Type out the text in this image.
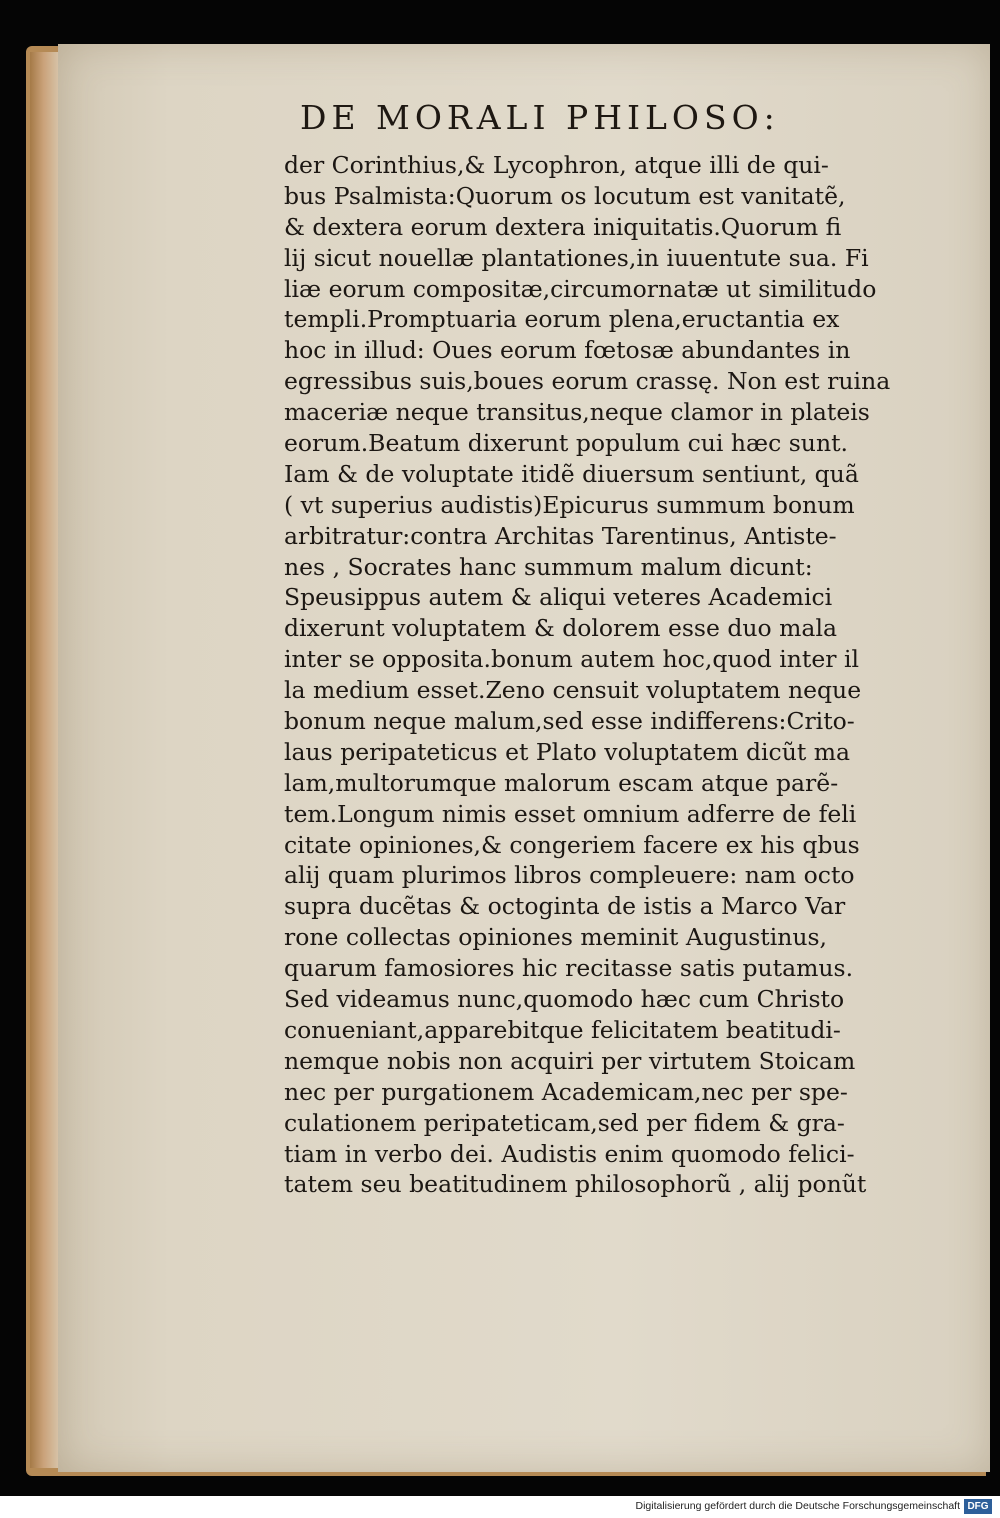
DE MORALI PHILOSO:
der Corinthius,& Lycophron, atque illi de qui-
bus Psalmista:Quorum os locutum est vanitatẽ,
& dextera eorum dextera iniquitatis.Quorum fi
lij sicut nouellæ plantationes,in iuuentute sua. Fi
liæ eorum compositæ,circumornatæ ut similitudo
templi.Promptuaria eorum plena,eructantia ex
hoc in illud: Oues eorum fœtosæ abundantes in
egressibus suis,boues eorum crassę. Non est ruina
maceriæ neque transitus,neque clamor in plateis
eorum.Beatum dixerunt populum cui hæc sunt.
Iam & de voluptate itidẽ diuersum sentiunt, quã
( vt superius audistis)Epicurus summum bonum
arbitratur:contra Architas Tarentinus, Antiste-
nes , Socrates hanc summum malum dicunt:
Speusippus autem & aliqui veteres Academici
dixerunt voluptatem & dolorem esse duo mala
inter se opposita.bonum autem hoc,quod inter il
la medium esset.Zeno censuit voluptatem neque
bonum neque malum,sed esse indifferens:Crito-
laus peripateticus et Plato voluptatem dicũt ma
lam,multorumque malorum escam atque parẽ-
tem.Longum nimis esset omnium adferre de feli
citate opiniones,& congeriem facere ex his qbus
alij quam plurimos libros compleuere: nam octo
supra ducẽtas & octoginta de istis a Marco Var
rone collectas opiniones meminit Augustinus,
quarum famosiores hic recitasse satis putamus.
Sed videamus nunc,quomodo hæc cum Christo
conueniant,apparebitque felicitatem beatitudi-
nemque nobis non acquiri per virtutem Stoicam
nec per purgationem Academicam,nec per spe-
culationem peripateticam,sed per fidem & gra-
tiam in verbo dei. Audistis enim quomodo felici-
tatem seu beatitudinem philosophorũ , alij ponũt
Digitalisierung gefördert durch die Deutsche Forschungsgemeinschaft DFG
